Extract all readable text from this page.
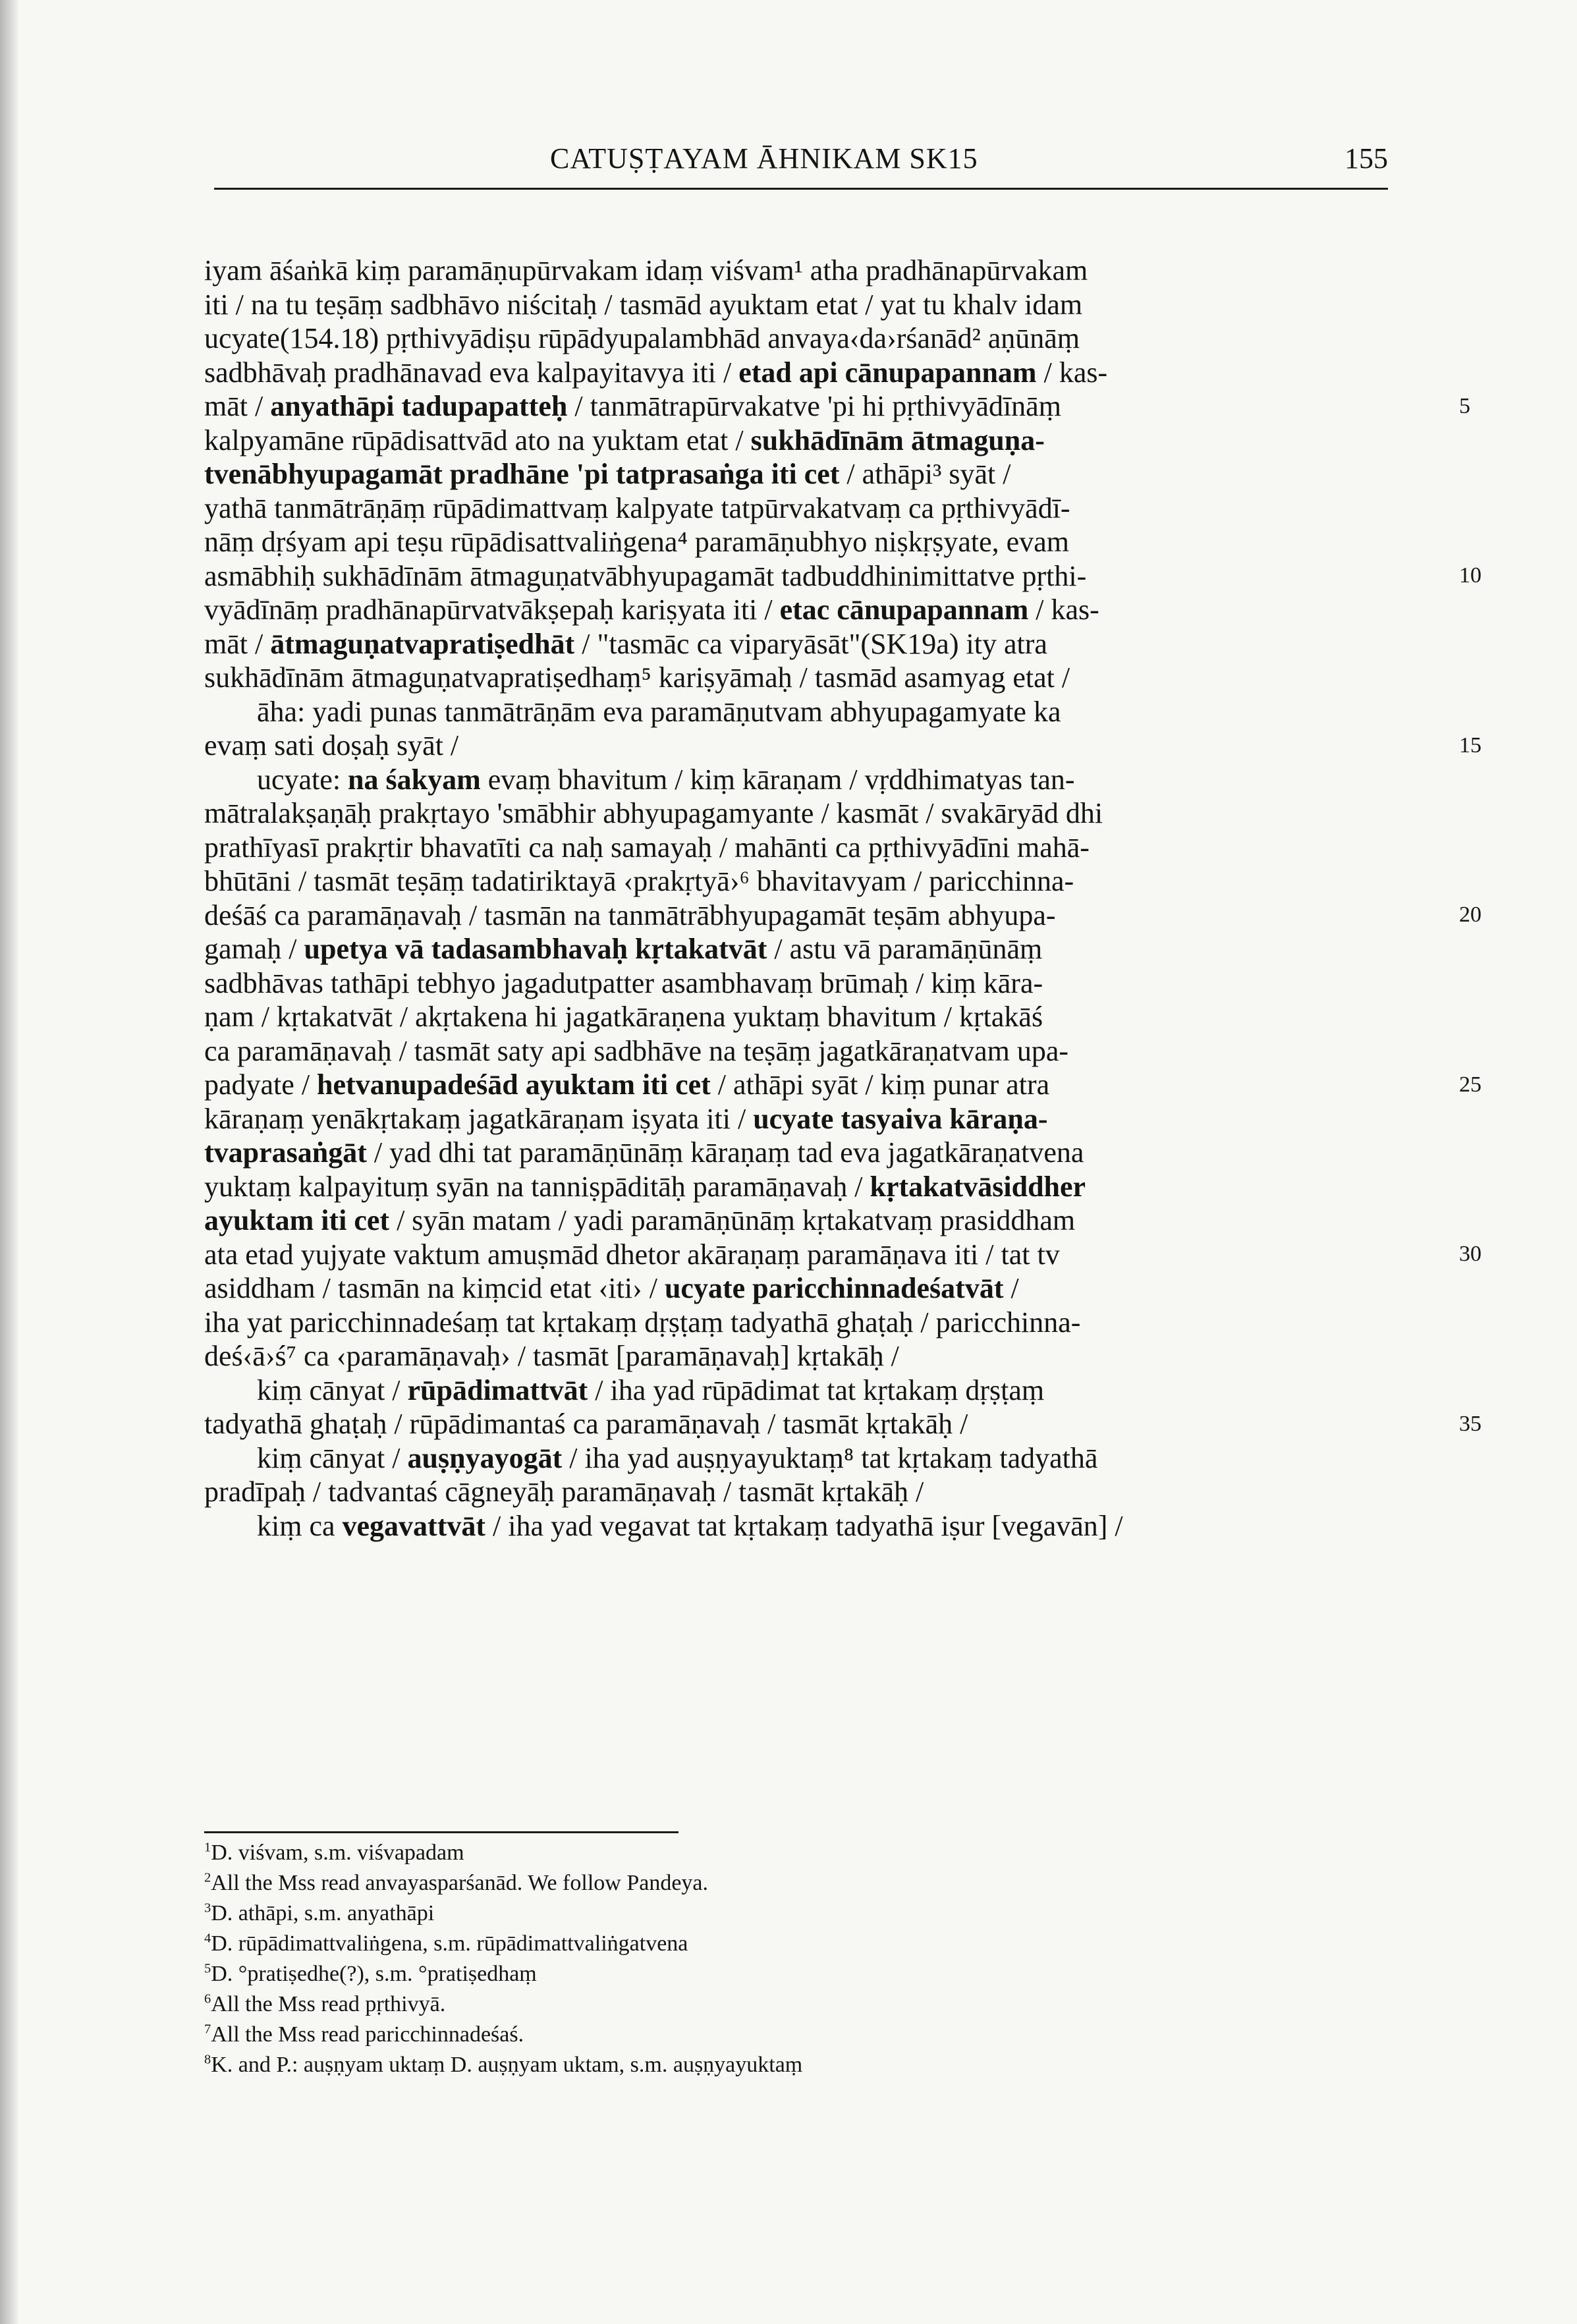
CATUṢṬAYAM ĀHNIKAM SK15	155
iyam āśaṅkā kiṃ paramāṇupūrvakam idaṃ viśvam¹ atha pradhānapūrvakam
iti / na tu teṣāṃ sadbhāvo niścitaḥ / tasmād ayuktam etat / yat tu khalv idam
ucyate(154.18) pṛthivyādiṣu rūpādyupalambhād anvaya‹da›rśanād² aṇūnāṃ
sadbhāvaḥ pradhānavad eva kalpayitavya iti / etad api cānupapannam / kas-
māt / anyathāpi tadupapatteḥ / tanmātrapūrvakatve 'pi hi pṛthivyādīnāṃ
kalpyamāne rūpādisattvād ato na yuktam etat / sukhādīnām ātmaguṇa-
tvenābhyupagamāt pradhāne 'pi tatprasaṅga iti cet / athāpi³ syāt /
yathā tanmātrāṇāṃ rūpādimattvaṃ kalpyate tatpūrvakatvaṃ ca pṛthivyādī-
nāṃ dṛśyam api teṣu rūpādisattvaliṅgena⁴ paramāṇubhyo niṣkṛṣyate, evam
asmābhiḥ sukhādīnām ātmaguṇatvābhyupagamāt tadbuddhinimittatve pṛthi-
vyādīnāṃ pradhānapūrvatvākṣepaḥ kariṣyata iti / etac cānupapannam / kas-
māt / ātmaguṇatvapratiṣedhāt / "tasmāc ca viparyāsāt"(SK19a) ity atra
sukhādīnām ātmaguṇatvapratiṣedhaṃ⁵ kariṣyāmaḥ / tasmād asamyag etat /
āha: yadi punas tanmātrāṇām eva paramāṇutvam abhyupagamyate ka
evaṃ sati doṣaḥ syāt /
ucyate: na śakyam evaṃ bhavitum / kiṃ kāraṇam / vṛddhimatyas tan-
mātralakṣaṇāḥ prakṛtayo 'smābhir abhyupagamyante / kasmāt / svakāryād dhi
prathīyasī prakṛtir bhavatīti ca naḥ samayaḥ / mahānti ca pṛthivyādīni mahā-
bhūtāni / tasmāt teṣāṃ tadatiriktayā ‹prakṛtyā›⁶ bhavitavyam / paricchinna-
deśāś ca paramāṇavaḥ / tasmān na tanmātrābhyupagamāt teṣām abhyupa-
gamaḥ / upetya vā tadasambhavaḥ kṛtakatvāt / astu vā paramāṇūnāṃ
sadbhāvas tathāpi tebhyo jagadutpatter asambhavaṃ brūmaḥ / kiṃ kāra-
ṇam / kṛtakatvāt / akṛtakena hi jagatkāraṇena yuktaṃ bhavitum / kṛtakāś
ca paramāṇavaḥ / tasmāt saty api sadbhāve na teṣāṃ jagatkāraṇatvam upa-
padyate / hetvanupadeśād ayuktam iti cet / athāpi syāt / kiṃ punar atra
kāraṇaṃ yenākṛtakaṃ jagatkāraṇam iṣyata iti / ucyate tasyaiva kāraṇa-
tvaprasaṅgāt / yad dhi tat paramāṇūnāṃ kāraṇaṃ tad eva jagatkāraṇatvena
yuktaṃ kalpayituṃ syān na tanniṣpāditāḥ paramāṇavaḥ / kṛtakatvāsiddher
ayuktam iti cet / syān matam / yadi paramāṇūnāṃ kṛtakatvaṃ prasiddham
ata etad yujyate vaktum amuṣmād dhetor akāraṇaṃ paramāṇava iti / tat tv
asiddham / tasmān na kiṃcid etat ‹iti› / ucyate paricchinnadeśatvāt /
iha yat paricchinnadeśaṃ tat kṛtakaṃ dṛṣṭaṃ tadyathā ghaṭaḥ / paricchinna-
deś‹ā›ś⁷ ca ‹paramāṇavaḥ› / tasmāt [paramāṇavaḥ] kṛtakāḥ /
kiṃ cānyat / rūpādimattvāt / iha yad rūpādimat tat kṛtakaṃ dṛṣṭaṃ
tadyathā ghaṭaḥ / rūpādimantaś ca paramāṇavaḥ / tasmāt kṛtakāḥ /
kiṃ cānyat / auṣṇyayogāt / iha yad auṣṇyayuktaṃ⁸ tat kṛtakaṃ tadyathā
pradīpaḥ / tadvantaś cāgneyāḥ paramāṇavaḥ / tasmāt kṛtakāḥ /
kiṃ ca vegavattvāt / iha yad vegavat tat kṛtakaṃ tadyathā iṣur [vegavān] /
5
10
15
20
25
30
35
$^1$D. viśvam, s.m. viśvapadam
$^2$All the Mss read anvayasparśanād. We follow Pandeya.
$^3$D. athāpi, s.m. anyathāpi
$^4$D. rūpādimattvaliṅgena, s.m. rūpādimattvaliṅgatvena
$^5$D. °pratiṣedhe(?), s.m. °pratiṣedhaṃ
$^6$All the Mss read pṛthivyā.
$^7$All the Mss read paricchinnadeśaś.
$^8$K. and P.: auṣṇyam uktaṃ D. auṣṇyam uktam, s.m. auṣṇyayuktaṃ
